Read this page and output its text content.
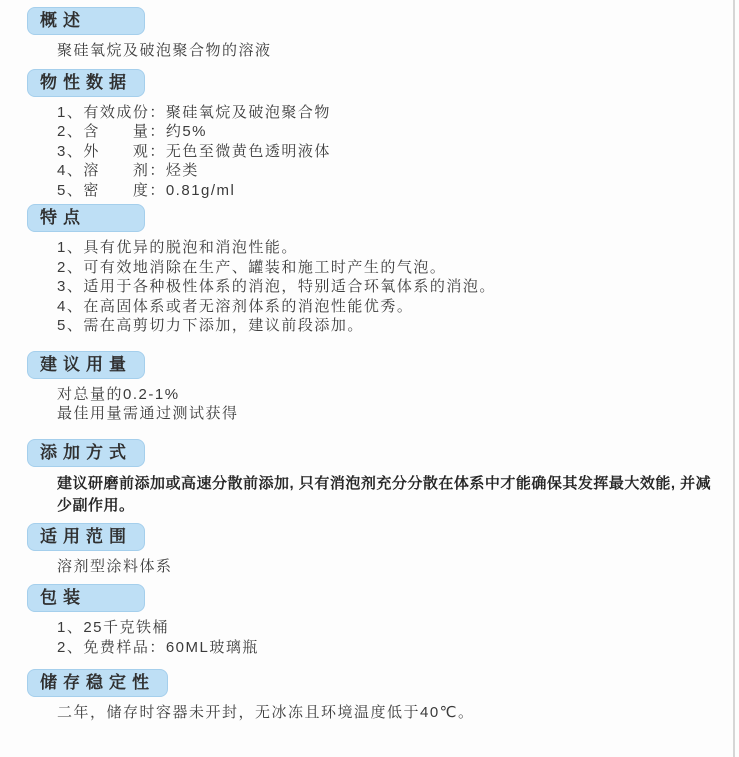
概述
聚硅氧烷及破泡聚合物的溶液
物性数据
1、有效成份：聚硅氧烷及破泡聚合物
2、含　　量：约5%
3、外　　观：无色至微黄色透明液体
4、溶　　剂：烃类
5、密　　度：0.81g/ml
特点
1、具有优异的脱泡和消泡性能。
2、可有效地消除在生产、罐装和施工时产生的气泡。
3、适用于各种极性体系的消泡，特别适合环氧体系的消泡。
4、在高固体系或者无溶剂体系的消泡性能优秀。
5、需在高剪切力下添加，建议前段添加。
建议用量
对总量的0.2-1%
最佳用量需通过测试获得
添加方式
建议研磨前添加或高速分散前添加, 只有消泡剂充分分散在体系中才能确保其发挥最大效能, 并减少副作用。
适用范围
溶剂型涂料体系
包装
1、25千克铁桶
2、免费样品：60ML玻璃瓶
储存稳定性
二年，储存时容器未开封，无冰冻且环境温度低于40℃。
